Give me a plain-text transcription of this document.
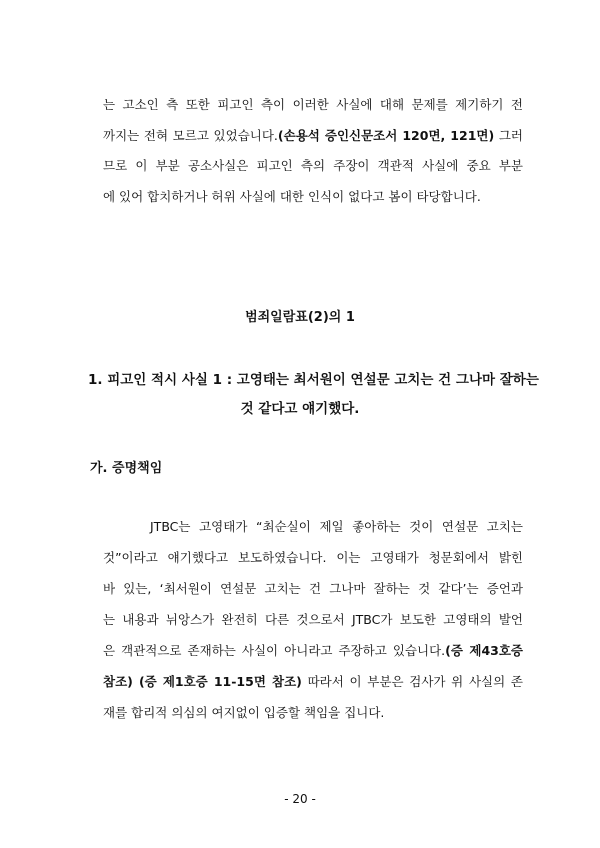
는 고소인 측 또한 피고인 측이 이러한 사실에 대해 문제를 제기하기 전
까지는 전혀 모르고 있었습니다.(손용석 증인신문조서 120면, 121면) 그러
므로 이 부분 공소사실은 피고인 측의 주장이 객관적 사실에 중요 부분
에 있어 합치하거나 허위 사실에 대한 인식이 없다고 봄이 타당합니다.
범죄일람표(2)의 1
1. 피고인 적시 사실 1 : 고영태는 최서원이 연설문 고치는 건 그나마 잘하는
것 같다고 얘기했다.
가. 증명책임
JTBC는 고영태가 “최순실이 제일 좋아하는 것이 연설문 고치는
것”이라고 얘기했다고 보도하였습니다. 이는 고영태가 청문회에서 밝힌
바 있는, ‘최서원이 연설문 고치는 건 그나마 잘하는 것 같다’는 증언과
는 내용과 뉘앙스가 완전히 다른 것으로서 JTBC가 보도한 고영태의 발언
은 객관적으로 존재하는 사실이 아니라고 주장하고 있습니다.(증 제43호증
참조) (증 제1호증 11-15면 참조) 따라서 이 부분은 검사가 위 사실의 존
재를 합리적 의심의 여지없이 입증할 책임을 집니다.
- 20 -
